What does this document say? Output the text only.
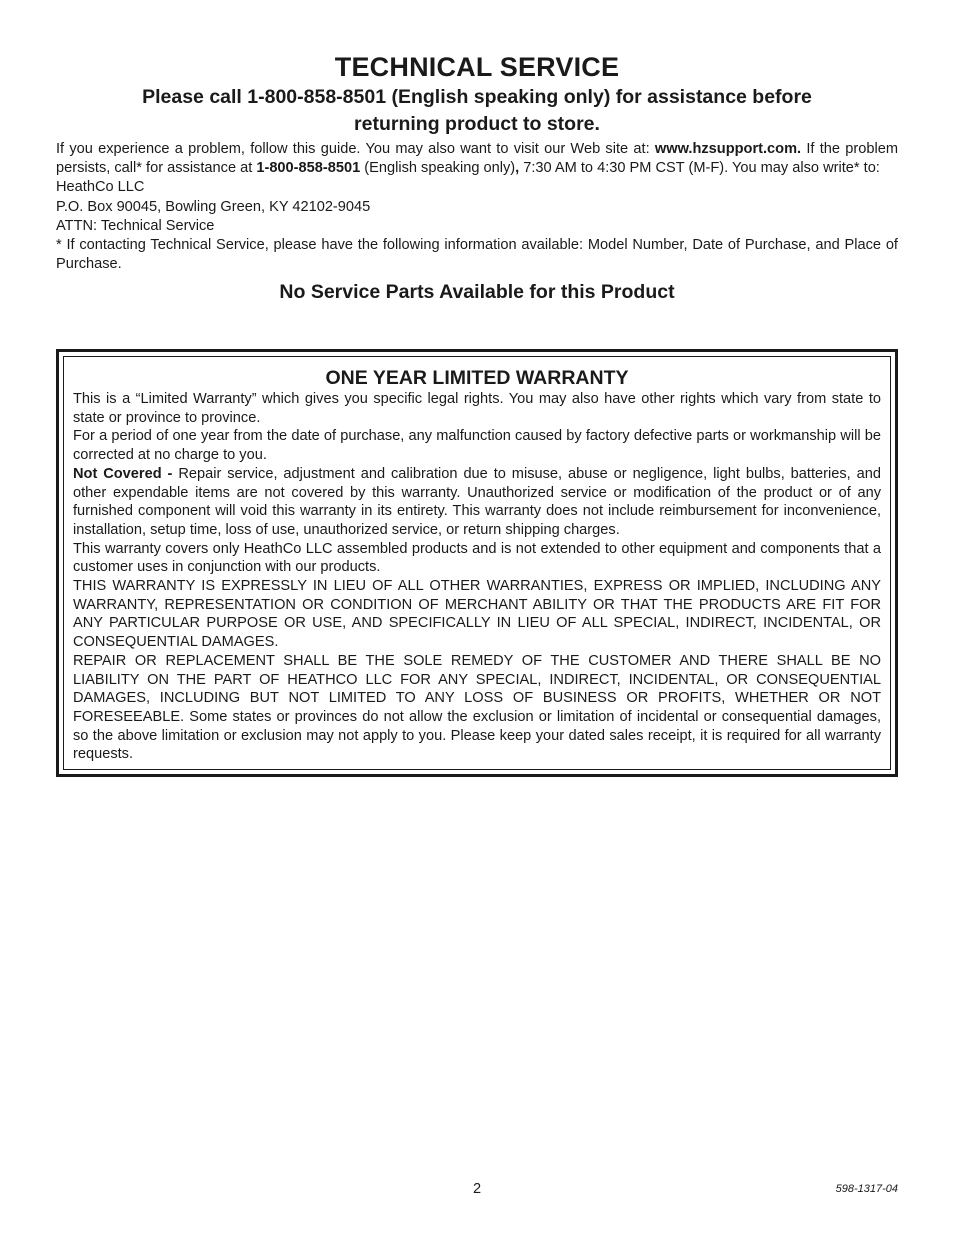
TECHNICAL SERVICE
Please call 1-800-858-8501 (English speaking only) for assistance before
returning product to store.

If you experience a problem, follow this guide. You may also want to visit our Web site at: www.hzsupport.com. If the problem persists, call* for assistance at 1-800-858-8501 (English speaking only), 7:30 AM to 4:30 PM CST (M-F). You may also write* to:

HeathCo LLC

P.O. Box 90045, Bowling Green, KY 42102-9045

ATTN: Technical Service

* If contacting Technical Service, please have the following information available: Model Number, Date of Purchase, and Place of Purchase.

No Service Parts Available for this Product
ONE YEAR LIMITED WARRANTY

This is a “Limited Warranty” which gives you specific legal rights. You may also have other rights which vary from state to state or province to province.

For a period of one year from the date of purchase, any malfunction caused by factory defective parts or workmanship will be corrected at no charge to you.

Not Covered - Repair service, adjustment and calibration due to misuse, abuse or negligence, light bulbs, batteries, and other expendable items are not covered by this warranty. Unauthorized service or modification of the product or of any furnished component will void this warranty in its entirety. This warranty does not include reimbursement for inconvenience, installation, setup time, loss of use, unauthorized service, or return shipping charges.

This warranty covers only HeathCo LLC assembled products and is not extended to other equipment and components that a customer uses in conjunction with our products.

THIS WARRANTY IS EXPRESSLY IN LIEU OF ALL OTHER WARRANTIES, EXPRESS OR IMPLIED, INCLUDING ANY WARRANTY, REPRESENTATION OR CONDITION OF MERCHANT ABILITY OR THAT THE PRODUCTS ARE FIT FOR ANY PARTICULAR PURPOSE OR USE, AND SPECIFICALLY IN LIEU OF ALL SPECIAL, INDIRECT, INCIDENTAL, OR CONSEQUENTIAL DAMAGES.

REPAIR OR REPLACEMENT SHALL BE THE SOLE REMEDY OF THE CUSTOMER AND THERE SHALL BE NO LIABILITY ON THE PART OF HEATHCO LLC FOR ANY SPECIAL, INDIRECT, INCIDENTAL, OR CONSEQUENTIAL DAMAGES, INCLUDING BUT NOT LIMITED TO ANY LOSS OF BUSINESS OR PROFITS, WHETHER OR NOT FORESEEABLE. Some states or provinces do not allow the exclusion or limitation of incidental or consequential damages, so the above limitation or exclusion may not apply to you. Please keep your dated sales receipt, it is required for all warranty requests.

2	598-1317-04
